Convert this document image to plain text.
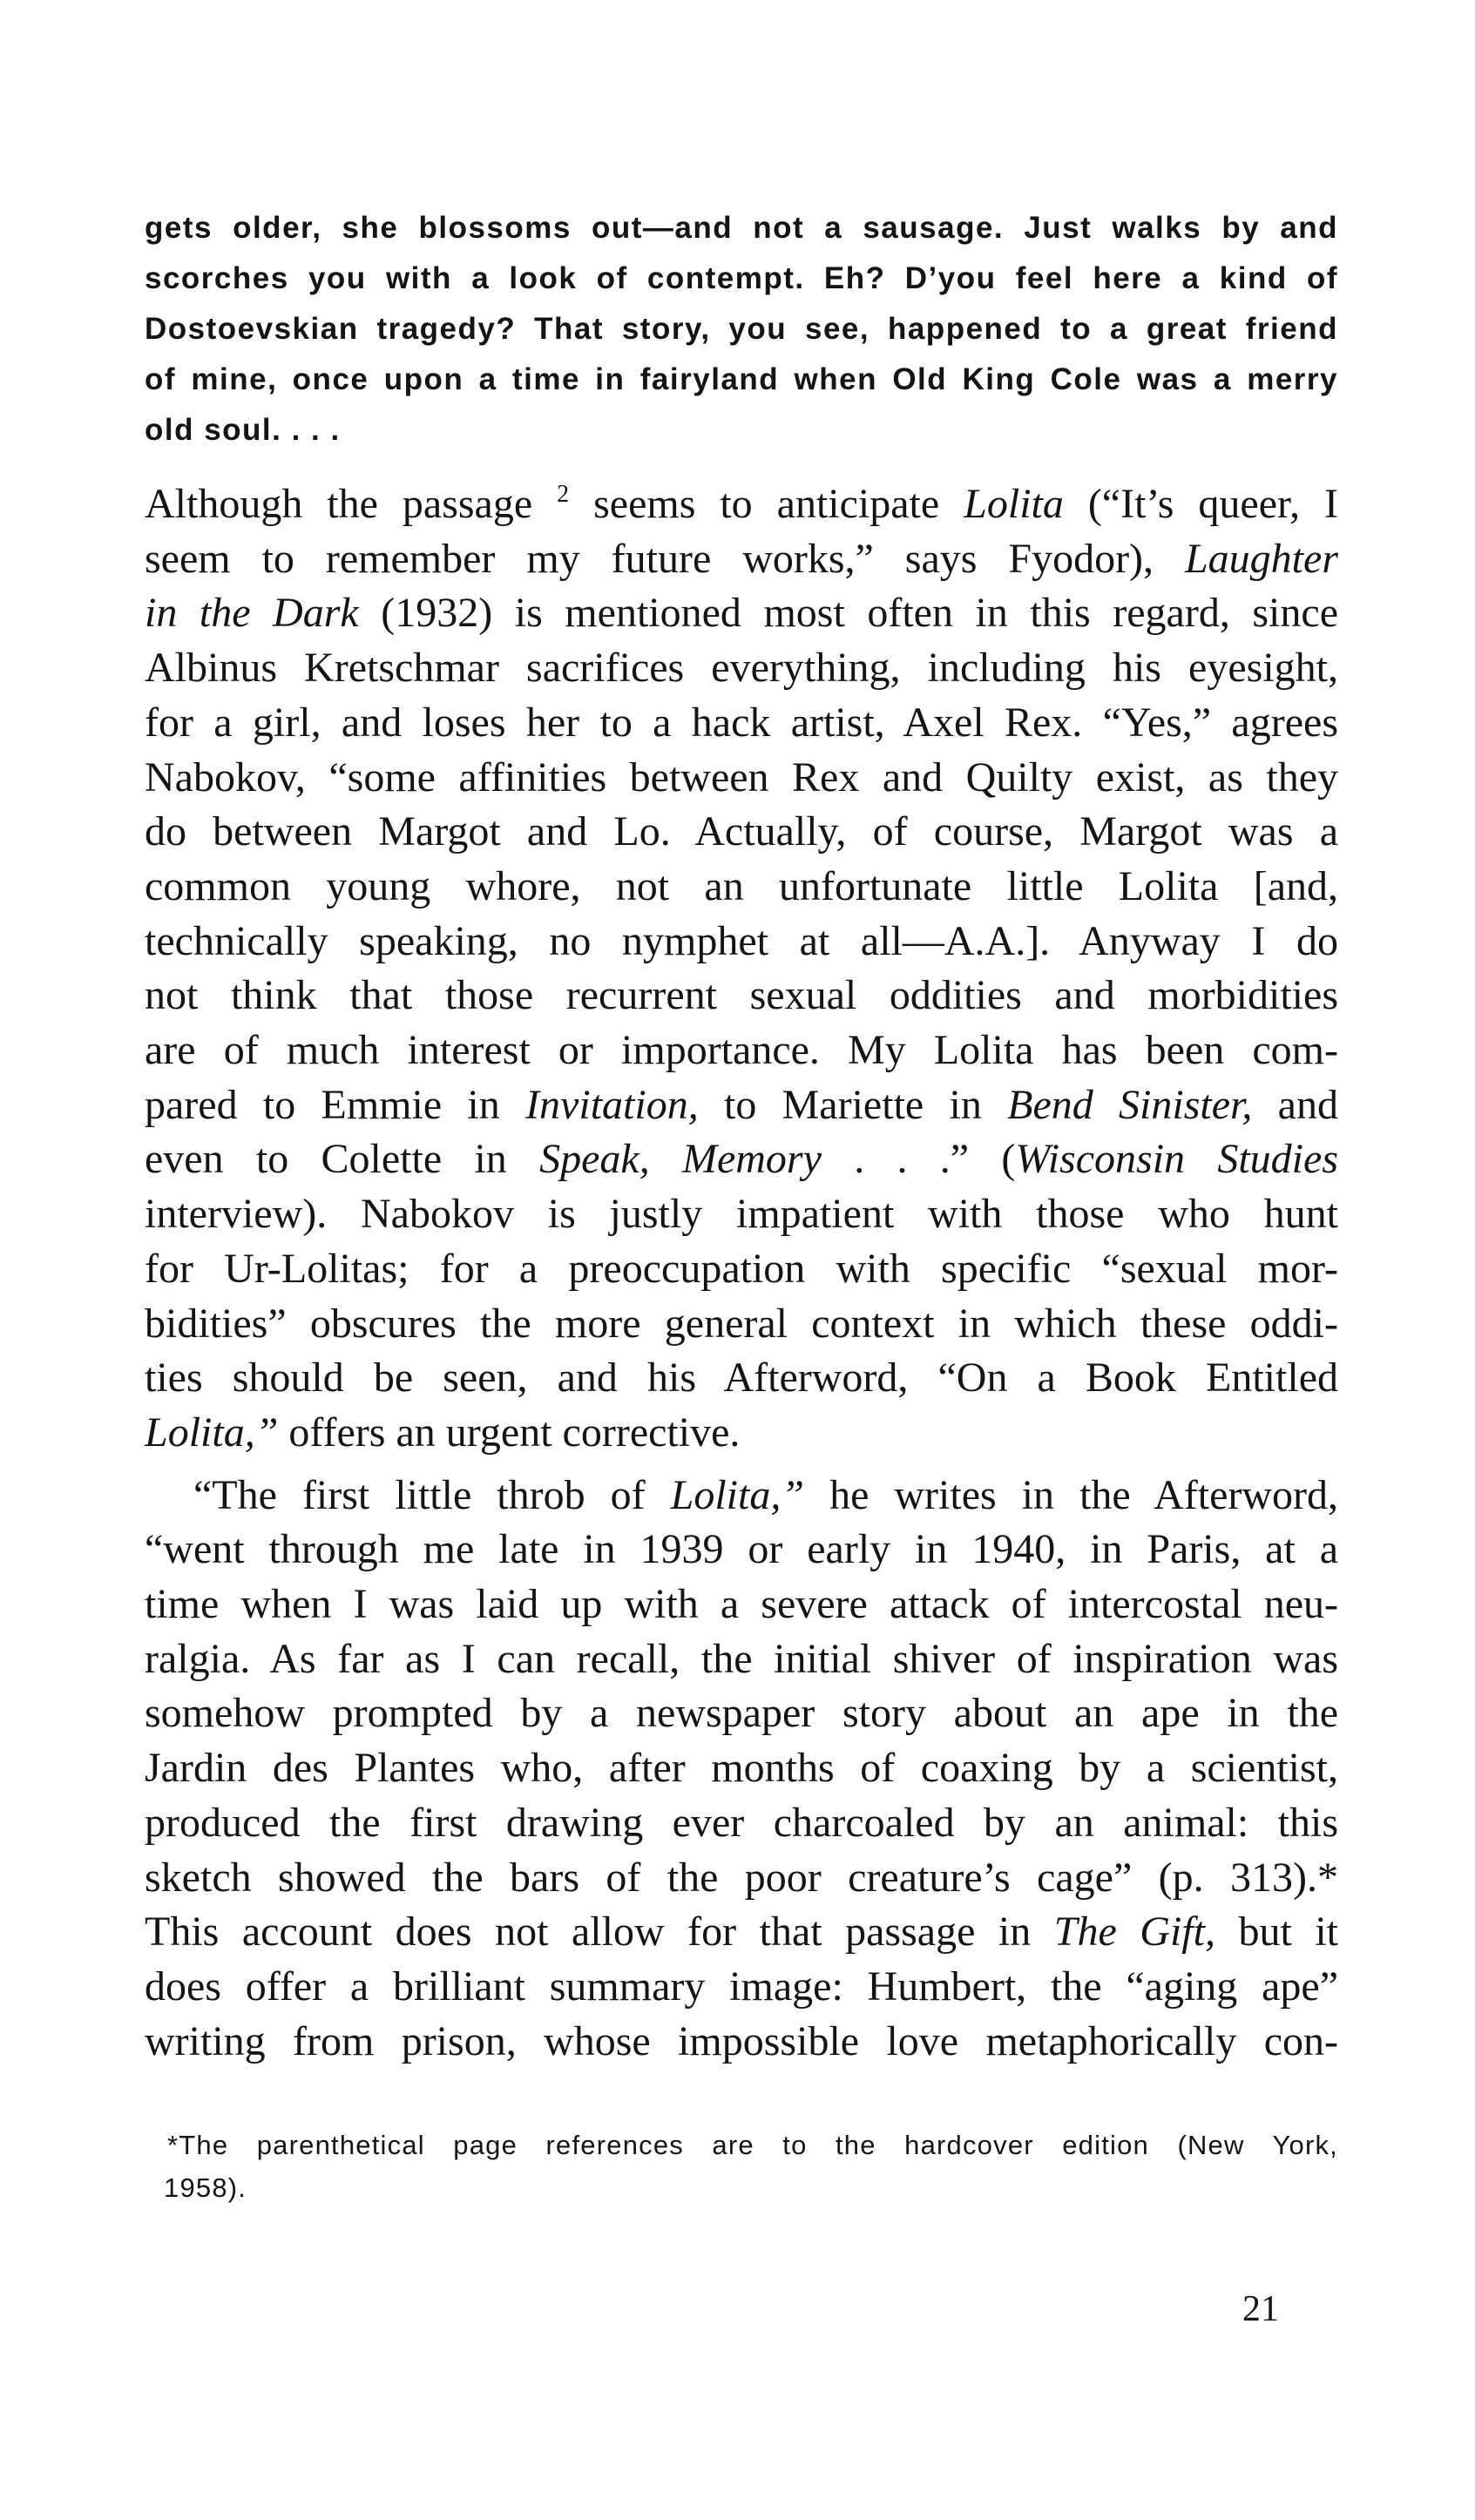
gets older, she blossoms out—and not a sausage. Just walks by and
scorches you with a look of contempt. Eh? D’you feel here a kind of
Dostoevskian tragedy? That story, you see, happened to a great friend
of mine, once upon a time in fairyland when Old King Cole was a merry
old soul. . . .
Although the passage $^2$ seems to anticipate Lolita (“It’s queer, I
seem to remember my future works,” says Fyodor), Laughter
in the Dark (1932) is mentioned most often in this regard, since
Albinus Kretschmar sacrifices everything, including his eyesight,
for a girl, and loses her to a hack artist, Axel Rex. “Yes,” agrees
Nabokov, “some affinities between Rex and Quilty exist, as they
do between Margot and Lo. Actually, of course, Margot was a
common young whore, not an unfortunate little Lolita [and,
technically speaking, no nymphet at all—A.A.]. Anyway I do
not think that those recurrent sexual oddities and morbidities
are of much interest or importance. My Lolita has been com-
pared to Emmie in Invitation, to Mariette in Bend Sinister, and
even to Colette in Speak, Memory . . .” (Wisconsin Studies
interview). Nabokov is justly impatient with those who hunt
for Ur-Lolitas; for a preoccupation with specific “sexual mor-
bidities” obscures the more general context in which these oddi-
ties should be seen, and his Afterword, “On a Book Entitled
Lolita,” offers an urgent corrective.
“The first little throb of Lolita,” he writes in the Afterword,
“went through me late in 1939 or early in 1940, in Paris, at a
time when I was laid up with a severe attack of intercostal neu-
ralgia. As far as I can recall, the initial shiver of inspiration was
somehow prompted by a newspaper story about an ape in the
Jardin des Plantes who, after months of coaxing by a scientist,
produced the first drawing ever charcoaled by an animal: this
sketch showed the bars of the poor creature’s cage” (p. 313).*
This account does not allow for that passage in The Gift, but it
does offer a brilliant summary image: Humbert, the “aging ape”
writing from prison, whose impossible love metaphorically con-
*The parenthetical page references are to the hardcover edition (New York,
1958).
21
